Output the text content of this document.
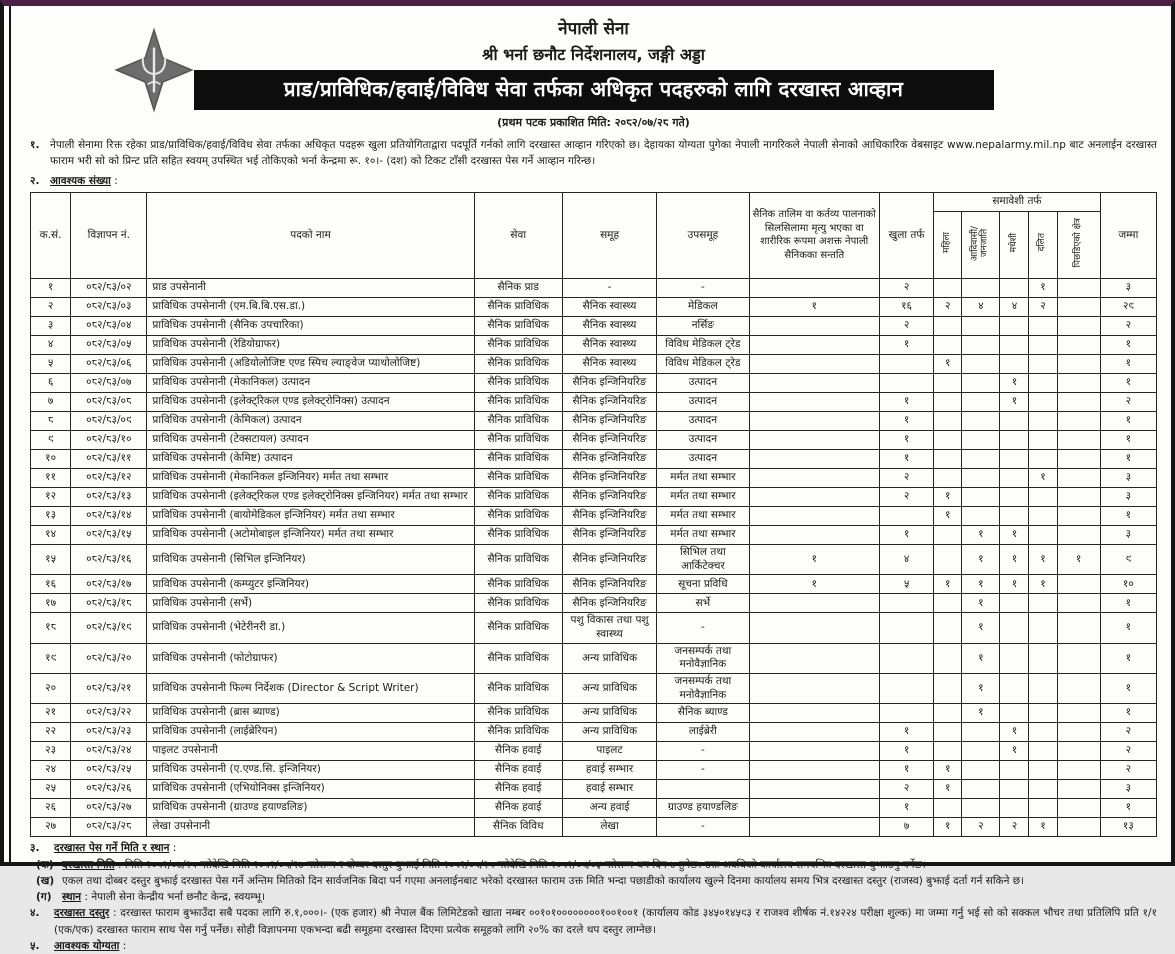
नेपाली सेना
श्री भर्ना छनौट निर्देशनालय, जङ्गी अड्डा
प्राड/प्राविधिक/हवाई/विविध सेवा तर्फका अधिकृत पदहरुको लागि दरखास्त आव्हान
(प्रथम पटक प्रकाशित मिति: २०८२/०७/२८ गते)
१.	नेपाली सेनामा रिक्त रहेका प्राड/प्राविधिक/हवाई/विविध सेवा तर्फका अधिकृत पदहरू खुला प्रतियोगिताद्वारा पदपूर्ति गर्नको लागि दरखास्त आव्हान गरिएको छ। देहायका योग्यता पुगेका नेपाली नागरिकले नेपाली सेनाको आधिकारिक वेबसाइट www.nepalarmy.mil.np बाट अनलाईन दरखास्त फाराम भरी सो को प्रिन्ट प्रति सहित स्वयम् उपस्थित भई तोकिएको भर्ना केन्द्रमा रू. १०।- (दश) को टिकट टाँसी दरखास्त पेस गर्ने आव्हान गरिन्छ।
२.	आवश्यक संख्या :
क.सं.	विज्ञापन नं.	पदको नाम	सेवा	समूह	उपसमूह	सैनिक तालिम वा कर्तव्य पालनाको सिलसिलामा मृत्यु भएका वा शारीरिक रूपमा अशक्त नेपाली सैनिकका सन्तति	खुला तर्फ	समावेशी तर्फ					जम्मा
								महिला	आदिवासी/ जनजाति	मधेशी	दलित	पिछडिएको क्षेत्र	
१	०८२/८३/०२	प्राड उपसेनानी	सैनिक प्राड	-	-		२				१		३
२	०८२/८३/०३	प्राविधिक उपसेनानी (एम.बि.बि.एस.डा.)	सैनिक प्राविधिक	सैनिक स्वास्थ्य	मेडिकल	१	१६	२	४	४	२		२९
३	०८२/८३/०४	प्राविधिक उपसेनानी (सैनिक उपचारिका)	सैनिक प्राविधिक	सैनिक स्वास्थ्य	नर्सिङ		२						२
४	०८२/८३/०५	प्राविधिक उपसेनानी (रेडियोग्राफर)	सैनिक प्राविधिक	सैनिक स्वास्थ्य	विविध मेडिकल ट्रेड		१						१
५	०८२/८३/०६	प्राविधिक उपसेनानी (अडियोलोजिष्ट एण्ड स्पिच ल्याङ्वेज प्याथोलोजिष्ट)	सैनिक प्राविधिक	सैनिक स्वास्थ्य	विविध मेडिकल ट्रेड			१					१
६	०८२/८३/०७	प्राविधिक उपसेनानी (मेकानिकल) उत्पादन	सैनिक प्राविधिक	सैनिक इन्जिनियरिङ	उत्पादन					१			१
७	०८२/८३/०८	प्राविधिक उपसेनानी (इलेक्ट्रिकल एण्ड इलेक्ट्रोनिक्स) उत्पादन	सैनिक प्राविधिक	सैनिक इन्जिनियरिङ	उत्पादन		१			१			२
८	०८२/८३/०९	प्राविधिक उपसेनानी (केमिकल) उत्पादन	सैनिक प्राविधिक	सैनिक इन्जिनियरिङ	उत्पादन		१						१
९	०८२/८३/१०	प्राविधिक उपसेनानी (टेक्सटायल) उत्पादन	सैनिक प्राविधिक	सैनिक इन्जिनियरिङ	उत्पादन		१						१
१०	०८२/८३/११	प्राविधिक उपसेनानी (केमिष्ट) उत्पादन	सैनिक प्राविधिक	सैनिक इन्जिनियरिङ	उत्पादन		१						१
११	०८२/८३/१२	प्राविधिक उपसेनानी (मेकानिकल इन्जिनियर) मर्मत तथा सम्भार	सैनिक प्राविधिक	सैनिक इन्जिनियरिङ	मर्मत तथा सम्भार		२				१		३
१२	०८२/८३/१३	प्राविधिक उपसेनानी (इलेक्ट्रिकल एण्ड इलेक्ट्रोनिक्स इन्जिनियर) मर्मत तथा सम्भार	सैनिक प्राविधिक	सैनिक इन्जिनियरिङ	मर्मत तथा सम्भार		२	१					३
१३	०८२/८३/१४	प्राविधिक उपसेनानी (बायोमेडिकल इन्जिनियर) मर्मत तथा सम्भार	सैनिक प्राविधिक	सैनिक इन्जिनियरिङ	मर्मत तथा सम्भार			१					१
१४	०८२/८३/१५	प्राविधिक उपसेनानी (अटोमोबाइल इन्जिनियर) मर्मत तथा सम्भार	सैनिक प्राविधिक	सैनिक इन्जिनियरिङ	मर्मत तथा सम्भार		१		१	१			३
१५	०८२/८३/१६	प्राविधिक उपसेनानी (सिभिल इन्जिनियर)	सैनिक प्राविधिक	सैनिक इन्जिनियरिङ	सिभिल तथा आर्किटेक्चर	१	४		१	१	१	१	९
१६	०८२/८३/१७	प्राविधिक उपसेनानी (कम्प्युटर इन्जिनियर)	सैनिक प्राविधिक	सैनिक इन्जिनियरिङ	सूचना प्रविधि	१	५	१	१	१	१		१०
१७	०८२/८३/१८	प्राविधिक उपसेनानी (सर्भे)	सैनिक प्राविधिक	सैनिक इन्जिनियरिङ	सर्भे				१				१
१८	०८२/८३/१९	प्राविधिक उपसेनानी (भेटेरीनरी डा.)	सैनिक प्राविधिक	पशु विकास तथा पशु स्वास्थ्य	-				१				१
१९	०८२/८३/२०	प्राविधिक उपसेनानी (फोटोग्राफर)	सैनिक प्राविधिक	अन्य प्राविधिक	जनसम्पर्क तथा मनोवैज्ञानिक				१				१
२०	०८२/८३/२१	प्राविधिक उपसेनानी फिल्म निर्देशक (Director & Script Writer)	सैनिक प्राविधिक	अन्य प्राविधिक	जनसम्पर्क तथा मनोवैज्ञानिक				१				१
२१	०८२/८३/२२	प्राविधिक उपसेनानी (ब्रास ब्याण्ड)	सैनिक प्राविधिक	अन्य प्राविधिक	सैनिक ब्याण्ड				१				१
२२	०८२/८३/२३	प्राविधिक उपसेनानी (लाईब्रेरियन)	सैनिक प्राविधिक	अन्य प्राविधिक	लाईब्रेरी		१			१			२
२३	०८२/८३/२४	पाइलट उपसेनानी	सैनिक हवाई	पाइलट	-		१			१			२
२४	०८२/८३/२५	प्राविधिक उपसेनानी (ए.एण्ड.सि. इन्जिनियर)	सैनिक हवाई	हवाई सम्भार	-		१	१					२
२५	०८२/८३/२६	प्राविधिक उपसेनानी (एभियोनिक्स इन्जिनियर)	सैनिक हवाई	हवाई सम्भार			२	१					३
२६	०८२/८३/२७	प्राविधिक उपसेनानी (ग्राउण्ड हयाण्डलिङ)	सैनिक हवाई	अन्य हवाई	ग्राउण्ड हयाण्डलिङ		१						१
२७	०८२/८३/२८	लेखा उपसेनानी	सैनिक विविध	लेखा	-		७	१	२	२	१		१३
३.	दरखास्त पेस गर्ने मिति र स्थान :
(क) दरखास्त मिति : मिति २०८२/०७/२८ गतेदेखि मिति २०८२/०८/२७ गतेसम्म र दोब्बर दस्तुर बुझाई मिति २०८२/०८/२८ गतेदेखि मिति २०८२/०९/०५ गतेसम्म थप दिन ७ हुनेछ। उक्त अवधिको कार्यालय समयभित्र दरखास्त बुझाउनु पर्नेछ।
(ख) एकल तथा दोब्बर दस्तुर बुझाई दरखास्त पेस गर्ने अन्तिम मितिको दिन सार्वजनिक बिदा पर्न गएमा अनलाईनबाट भरेको दरखास्त फाराम उक्त मिति भन्दा पछाडीको कार्यालय खुल्ने दिनमा कार्यालय समय भित्र दरखास्त दस्तुर (राजस्व) बुझाई दर्ता गर्न सकिने छ।
(ग) स्थान : नेपाली सेना केन्द्रीय भर्ना छनौट केन्द्र, स्वयम्भू।
४.	दरखास्त दस्तुर : दरखास्त फाराम बुझाउँदा सबै पदका लागि रु.१,०००।- (एक हजार) श्री नेपाल बैंक लिमिटेडको खाता नम्बर ००१०१००००००००१००१००१ (कार्यालय कोड ३४५०१४५९३ र राजश्व शीर्षक नं.१४२२४ परीक्षा शुल्क) मा जम्मा गर्नु भई सो को सक्कल भौचर तथा प्रतिलिपि प्रति १/१ (एक/एक) दरखास्त फाराम साथ पेस गर्नु पर्नेछ। सोही विज्ञापनमा एकभन्दा बढी समूहमा दरखास्त दिएमा प्रत्येक समूहको लागि २०% का दरले थप दस्तुर लाग्नेछ।
५.	आवश्यक योग्यता :
